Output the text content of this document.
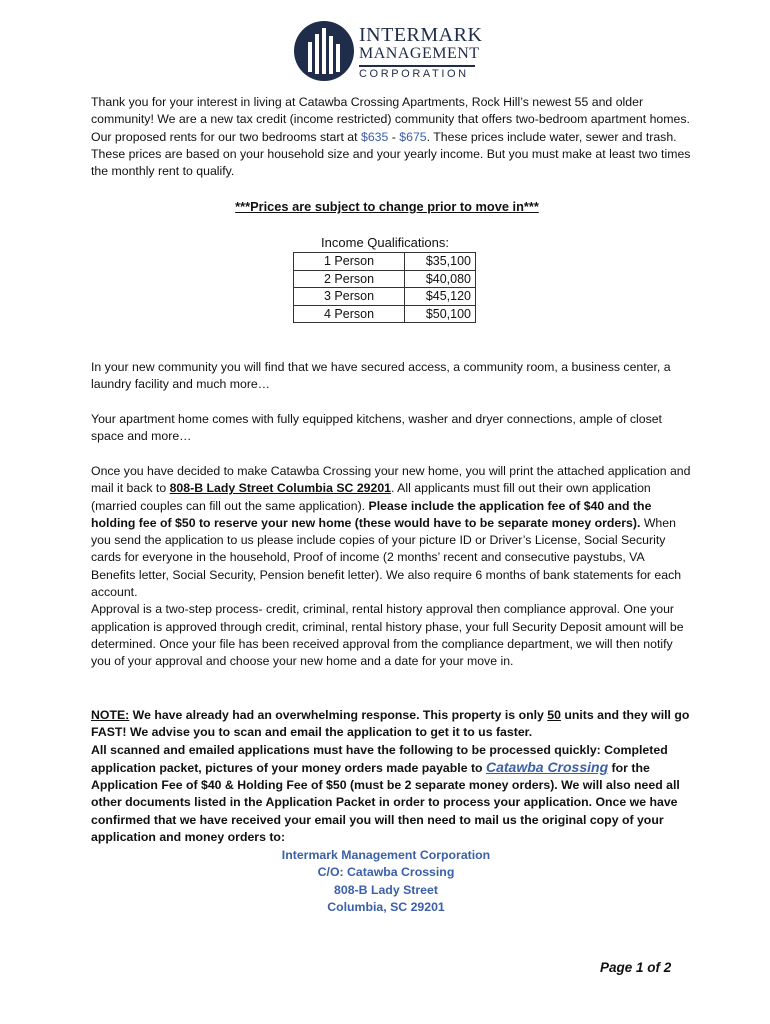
INTERMARK
MANAGEMENT
CORPORATION

Thank you for your interest in living at Catawba Crossing Apartments, Rock Hill’s newest 55 and older community! We are a new tax credit (income restricted) community that offers two-bedroom apartment homes.

Our proposed rents for our two bedrooms start at $635 - $675. These prices include water, sewer and trash. These prices are based on your household size and your yearly income. But you must make at least two times the monthly rent to qualify.

***Prices are subject to change prior to move in***
Income Qualifications:
1 Person	$35,100
2 Person	$40,080
3 Person	$45,120
4 Person	$50,100

In your new community you will find that we have secured access, a community room, a business center, a laundry facility and much more…

Your apartment home comes with fully equipped kitchens, washer and dryer connections, ample of closet space and more…

Once you have decided to make Catawba Crossing your new home, you will print the attached application and mail it back to 808-B Lady Street Columbia SC 29201. All applicants must fill out their own application (married couples can fill out the same application). Please include the application fee of $40 and the holding fee of $50 to reserve your new home (these would have to be separate money orders). When you send the application to us please include copies of your picture ID or Driver’s License, Social Security cards for everyone in the household, Proof of income (2 months’ recent and consecutive paystubs, VA Benefits letter, Social Security, Pension benefit letter). We also require 6 months of bank statements for each account.

Approval is a two-step process- credit, criminal, rental history approval then compliance approval. One your application is approved through credit, criminal, rental history phase, your full Security Deposit amount will be determined. Once your file has been received approval from the compliance department, we will then notify you of your approval and choose your new home and a date for your move in.

NOTE: We have already had an overwhelming response. This property is only 50 units and they will go FAST! We advise you to scan and email the application to get it to us faster.

All scanned and emailed applications must have the following to be processed quickly: Completed application packet, pictures of your money orders made payable to Catawba Crossing for the Application Fee of $40 & Holding Fee of $50 (must be 2 separate money orders). We will also need all other documents listed in the Application Packet in order to process your application. Once we have confirmed that we have received your email you will then need to mail us the original copy of your application and money orders to:

Intermark Management Corporation
C/O: Catawba Crossing
808-B Lady Street
Columbia, SC 29201
Page 1 of 2
